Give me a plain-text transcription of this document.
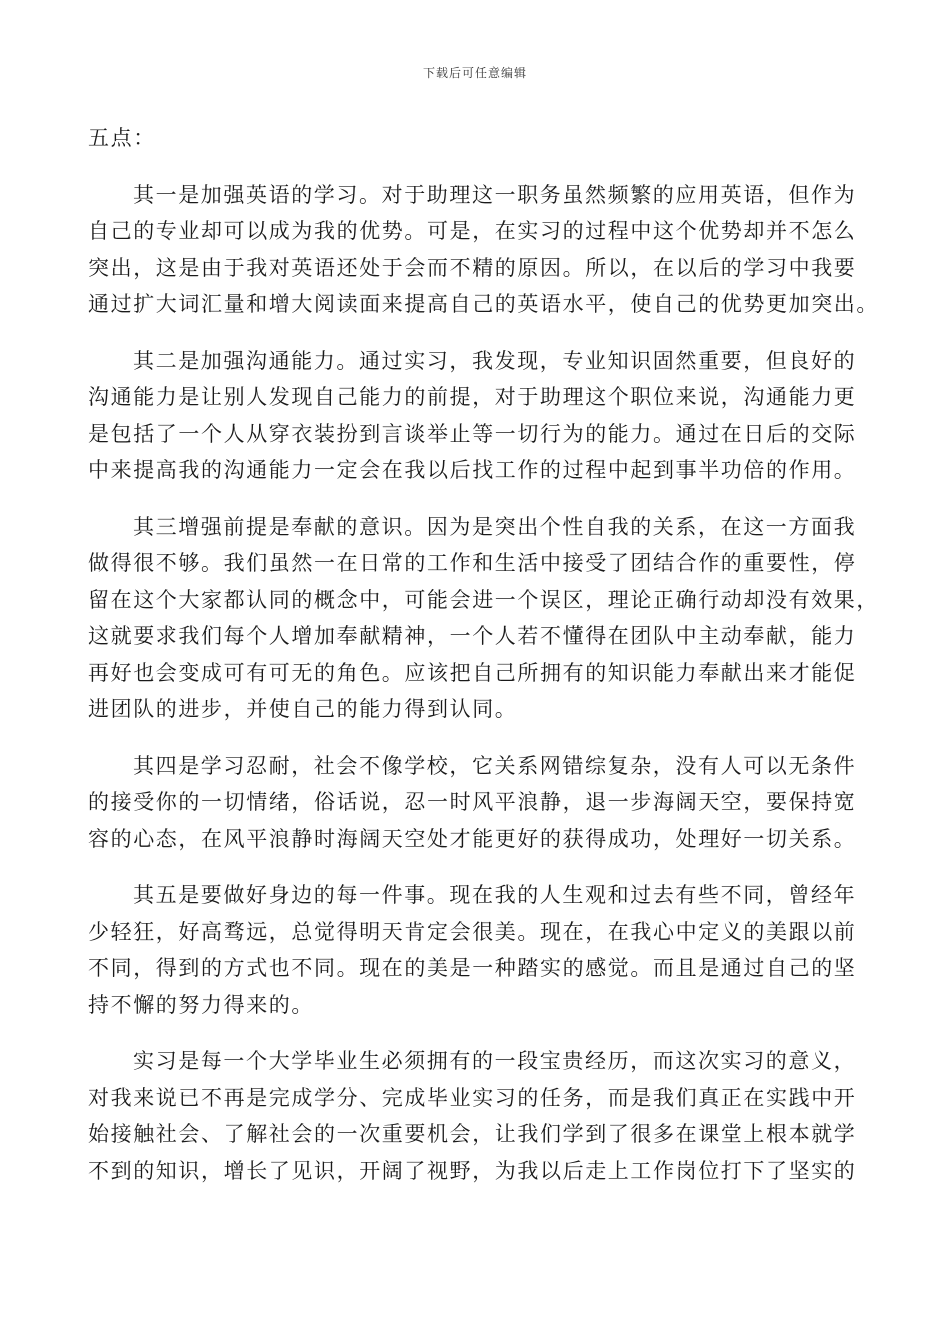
下载后可任意编辑
五点：
其一是加强英语的学习。对于助理这一职务虽然频繁的应用英语，但作为
自己的专业却可以成为我的优势。可是，在实习的过程中这个优势却并不怎么
突出，这是由于我对英语还处于会而不精的原因。所以，在以后的学习中我要
通过扩大词汇量和增大阅读面来提高自己的英语水平，使自己的优势更加突出。
其二是加强沟通能力。通过实习，我发现，专业知识固然重要，但良好的
沟通能力是让别人发现自己能力的前提，对于助理这个职位来说，沟通能力更
是包括了一个人从穿衣装扮到言谈举止等一切行为的能力。通过在日后的交际
中来提高我的沟通能力一定会在我以后找工作的过程中起到事半功倍的作用。
其三增强前提是奉献的意识。因为是突出个性自我的关系，在这一方面我
做得很不够。我们虽然一在日常的工作和生活中接受了团结合作的重要性，停
留在这个大家都认同的概念中，可能会进一个误区，理论正确行动却没有效果，
这就要求我们每个人增加奉献精神，一个人若不懂得在团队中主动奉献，能力
再好也会变成可有可无的角色。应该把自己所拥有的知识能力奉献出来才能促
进团队的进步，并使自己的能力得到认同。
其四是学习忍耐，社会不像学校，它关系网错综复杂，没有人可以无条件
的接受你的一切情绪，俗话说，忍一时风平浪静，退一步海阔天空，要保持宽
容的心态，在风平浪静时海阔天空处才能更好的获得成功，处理好一切关系。
其五是要做好身边的每一件事。现在我的人生观和过去有些不同，曾经年
少轻狂，好高骛远，总觉得明天肯定会很美。现在，在我心中定义的美跟以前
不同，得到的方式也不同。现在的美是一种踏实的感觉。而且是通过自己的坚
持不懈的努力得来的。
实习是每一个大学毕业生必须拥有的一段宝贵经历，而这次实习的意义，
对我来说已不再是完成学分、完成毕业实习的任务，而是我们真正在实践中开
始接触社会、了解社会的一次重要机会，让我们学到了很多在课堂上根本就学
不到的知识，增长了见识，开阔了视野，为我以后走上工作岗位打下了坚实的
